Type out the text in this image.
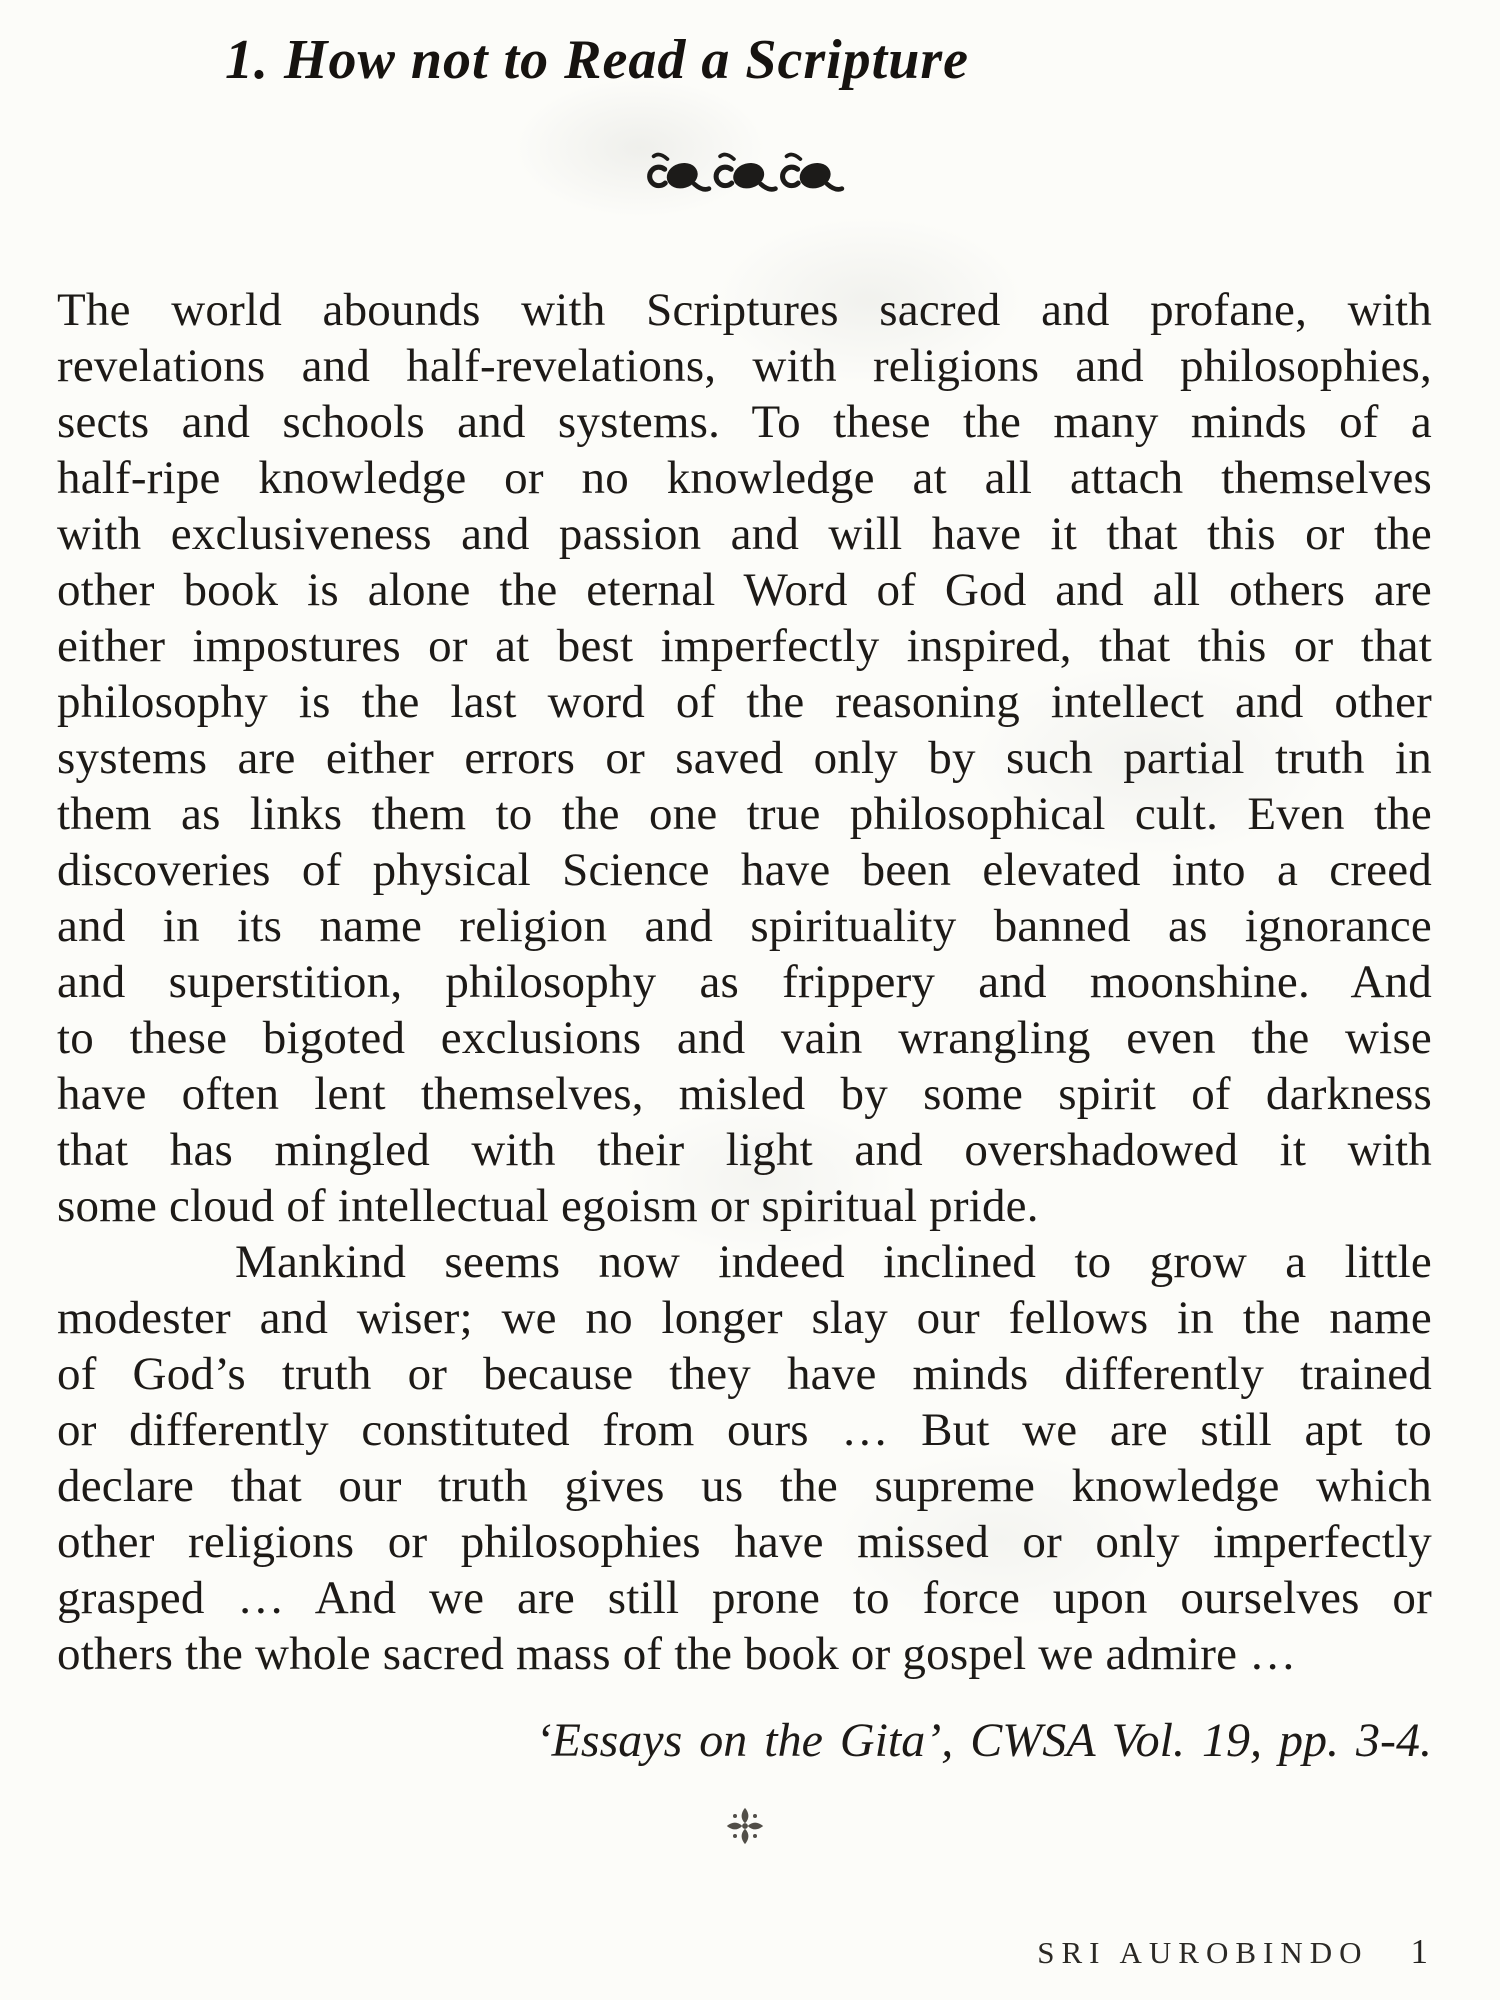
1. How not to Read a Scripture
The world abounds with Scriptures sacred and profane, with
revelations and half-revelations, with religions and philosophies,
sects and schools and systems. To these the many minds of a
half-ripe knowledge or no knowledge at all attach themselves
with exclusiveness and passion and will have it that this or the
other book is alone the eternal Word of God and all others are
either impostures or at best imperfectly inspired, that this or that
philosophy is the last word of the reasoning intellect and other
systems are either errors or saved only by such partial truth in
them as links them to the one true philosophical cult. Even the
discoveries of physical Science have been elevated into a creed
and in its name religion and spirituality banned as ignorance
and superstition, philosophy as frippery and moonshine. And
to these bigoted exclusions and vain wrangling even the wise
have often lent themselves, misled by some spirit of darkness
that has mingled with their light and overshadowed it with
some cloud of intellectual egoism or spiritual pride.
Mankind seems now indeed inclined to grow a little
modester and wiser; we no longer slay our fellows in the name
of God’s truth or because they have minds differently trained
or differently constituted from ours … But we are still apt to
declare that our truth gives us the supreme knowledge which
other religions or philosophies have missed or only imperfectly
grasped … And we are still prone to force upon ourselves or
others the whole sacred mass of the book or gospel we admire …
‘Essays on the Gita’, CWSA Vol. 19, pp. 3-4.
SRI AUROBINDO 1
